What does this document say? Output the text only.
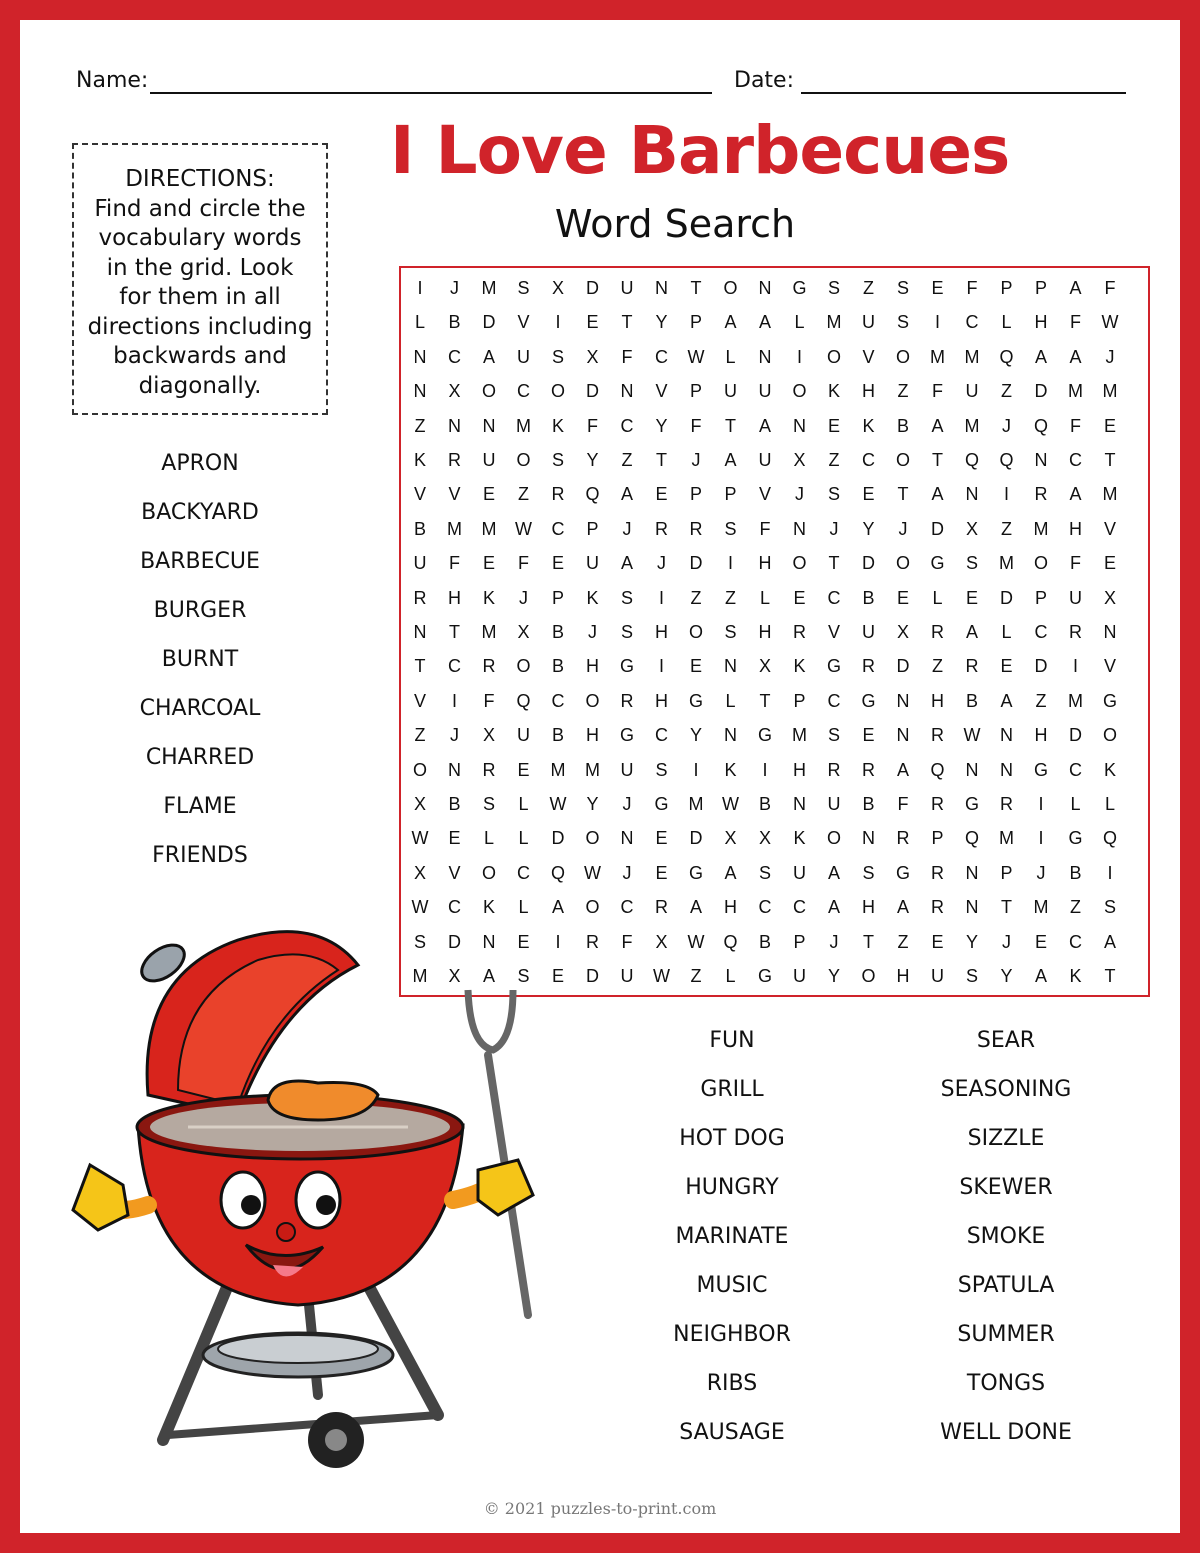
Name:	Date:
DIRECTIONS:
Find and circle the
vocabulary words
in the grid. Look
for them in all
directions including
backwards and
diagonally.
I Love Barbecues
Word Search
I	J	M	S	X	D	U	N	T	O	N	G	S	Z	S	E	F	P	P	A	F
L	B	D	V	I	E	T	Y	P	A	A	L	M	U	S	I	C	L	H	F	W
N	C	A	U	S	X	F	C	W	L	N	I	O	V	O	M	M	Q	A	A	J
N	X	O	C	O	D	N	V	P	U	U	O	K	H	Z	F	U	Z	D	M	M
Z	N	N	M	K	F	C	Y	F	T	A	N	E	K	B	A	M	J	Q	F	E
K	R	U	O	S	Y	Z	T	J	A	U	X	Z	C	O	T	Q	Q	N	C	T
V	V	E	Z	R	Q	A	E	P	P	V	J	S	E	T	A	N	I	R	A	M
B	M	M	W	C	P	J	R	R	S	F	N	J	Y	J	D	X	Z	M	H	V
U	F	E	F	E	U	A	J	D	I	H	O	T	D	O	G	S	M	O	F	E
R	H	K	J	P	K	S	I	Z	Z	L	E	C	B	E	L	E	D	P	U	X
N	T	M	X	B	J	S	H	O	S	H	R	V	U	X	R	A	L	C	R	N
T	C	R	O	B	H	G	I	E	N	X	K	G	R	D	Z	R	E	D	I	V
V	I	F	Q	C	O	R	H	G	L	T	P	C	G	N	H	B	A	Z	M	G
Z	J	X	U	B	H	G	C	Y	N	G	M	S	E	N	R	W	N	H	D	O
O	N	R	E	M	M	U	S	I	K	I	H	R	R	A	Q	N	N	G	C	K
X	B	S	L	W	Y	J	G	M	W	B	N	U	B	F	R	G	R	I	L	L
W	E	L	L	D	O	N	E	D	X	X	K	O	N	R	P	Q	M	I	G	Q
X	V	O	C	Q	W	J	E	G	A	S	U	A	S	G	R	N	P	J	B	I
W	C	K	L	A	O	C	R	A	H	C	C	A	H	A	R	N	T	M	Z	S
S	D	N	E	I	R	F	X	W	Q	B	P	J	T	Z	E	Y	J	E	C	A
M	X	A	S	E	D	U	W	Z	L	G	U	Y	O	H	U	S	Y	A	K	T
APRON
BACKYARD
BARBECUE
BURGER
BURNT
CHARCOAL
CHARRED
FLAME
FRIENDS
FUN
GRILL
HOT DOG
HUNGRY
MARINATE
MUSIC
NEIGHBOR
RIBS
SAUSAGE
SEAR
SEASONING
SIZZLE
SKEWER
SMOKE
SPATULA
SUMMER
TONGS
WELL DONE
© 2021 puzzles-to-print.com
